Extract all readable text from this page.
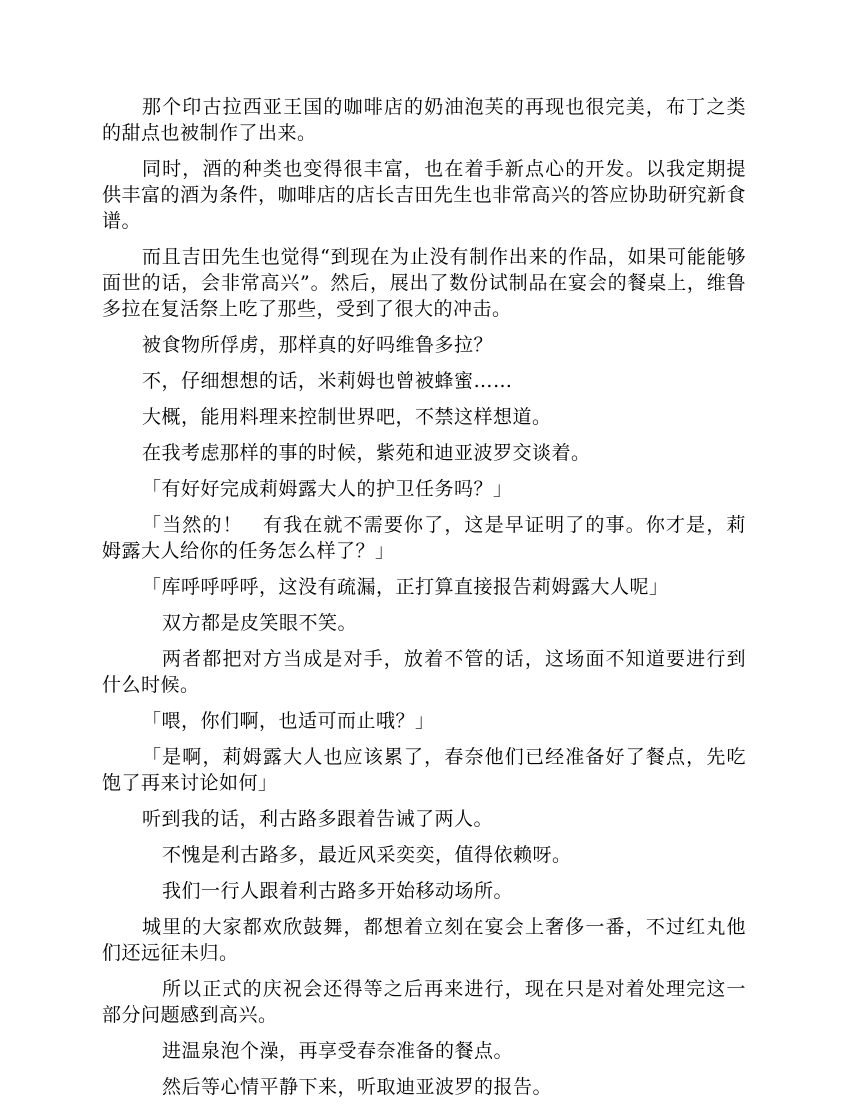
那个印古拉西亚王国的咖啡店的奶油泡芙的再现也很完美，布丁之类的甜点也被制作了出来。

同时，酒的种类也变得很丰富，也在着手新点心的开发。以我定期提供丰富的酒为条件，咖啡店的店长吉田先生也非常高兴的答应协助研究新食谱。

而且吉田先生也觉得“到现在为止没有制作出来的作品，如果可能能够面世的话，会非常高兴”。然后，展出了数份试制品在宴会的餐桌上，维鲁多拉在复活祭上吃了那些，受到了很大的冲击。

被食物所俘虏，那样真的好吗维鲁多拉？

不，仔细想想的话，米莉姆也曾被蜂蜜……

大概，能用料理来控制世界吧，不禁这样想道。

在我考虑那样的事的时候，紫苑和迪亚波罗交谈着。

「有好好完成莉姆露大人的护卫任务吗？」

「当然的！　有我在就不需要你了，这是早证明了的事。你才是，莉姆露大人给你的任务怎么样了？」

「库呼呼呼呼，这没有疏漏，正打算直接报告莉姆露大人呢」

双方都是皮笑眼不笑。

两者都把对方当成是对手，放着不管的话，这场面不知道要进行到什么时候。

「喂，你们啊，也适可而止哦？」

「是啊，莉姆露大人也应该累了，春奈他们已经准备好了餐点，先吃饱了再来讨论如何」

听到我的话，利古路多跟着告诫了两人。

不愧是利古路多，最近风采奕奕，值得依赖呀。

我们一行人跟着利古路多开始移动场所。

城里的大家都欢欣鼓舞，都想着立刻在宴会上奢侈一番，不过红丸他们还远征未归。

所以正式的庆祝会还得等之后再来进行，现在只是对着处理完这一部分问题感到高兴。

进温泉泡个澡，再享受春奈准备的餐点。

然后等心情平静下来，听取迪亚波罗的报告。
